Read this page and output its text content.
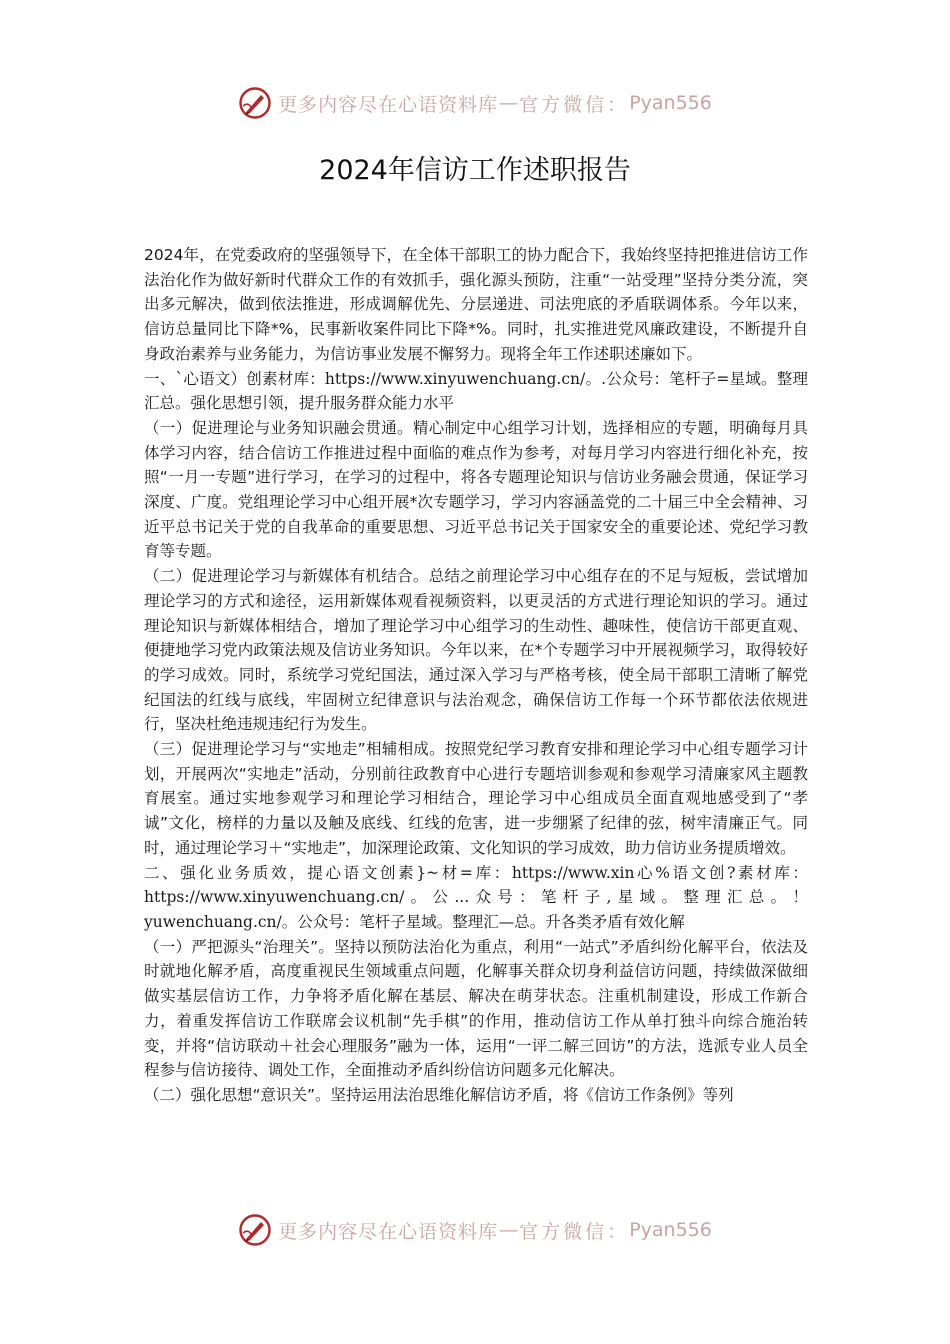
更多内容尽在心语资料库 — 官方微信： Pyan556
2024年信访工作述职报告

2024年，在党委政府的坚强领导下，在全体干部职工的协力配合下，我始终坚持把推进信访工作法治化作为做好新时代群众工作的有效抓手，强化源头预防，注重“一站受理”坚持分类分流，突出多元解决，做到依法推进，形成调解优先、分层递进、司法兜底的矛盾联调体系。今年以来，信访总量同比下降*%，民事新收案件同比下降*%。同时，扎实推进党风廉政建设，不断提升自身政治素养与业务能力，为信访事业发展不懈努力。现将全年工作述职述廉如下。

一、`心语文）创素材库：https://www.xinyuwenchuang.cn/。.公众号：笔杆子=星域。整理汇总。强化思想引领，提升服务群众能力水平

（一）促进理论与业务知识融会贯通。精心制定中心组学习计划，选择相应的专题，明确每月具体学习内容，结合信访工作推进过程中面临的难点作为参考，对每月学习内容进行细化补充，按照“一月一专题”进行学习，在学习的过程中，将各专题理论知识与信访业务融会贯通，保证学习深度、广度。党组理论学习中心组开展*次专题学习，学习内容涵盖党的二十届三中全会精神、习近平总书记关于党的自我革命的重要思想、习近平总书记关于国家安全的重要论述、党纪学习教育等专题。

（二）促进理论学习与新媒体有机结合。总结之前理论学习中心组存在的不足与短板，尝试增加理论学习的方式和途径，运用新媒体观看视频资料，以更灵活的方式进行理论知识的学习。通过理论知识与新媒体相结合，增加了理论学习中心组学习的生动性、趣味性，使信访干部更直观、便捷地学习党内政策法规及信访业务知识。今年以来，在*个专题学习中开展视频学习，取得较好的学习成效。同时，系统学习党纪国法，通过深入学习与严格考核，使全局干部职工清晰了解党纪国法的红线与底线，牢固树立纪律意识与法治观念，确保信访工作每一个环节都依法依规进行，坚决杜绝违规违纪行为发生。

（三）促进理论学习与“实地走”相辅相成。按照党纪学习教育安排和理论学习中心组专题学习计划，开展两次“实地走”活动，分别前往政教育中心进行专题培训参观和参观学习清廉家风主题教育展室。通过实地参观学习和理论学习相结合，理论学习中心组成员全面直观地感受到了“孝诚”文化，榜样的力量以及触及底线、红线的危害，进一步绷紧了纪律的弦，树牢清廉正气。同时，通过理论学习＋“实地走”，加深理论政策、文化知识的学习成效，助力信访业务提质增效。

二、强化业务质效，提心语文创素}~材=库：https://www.xin心%语文创?素材库：https://www.xinyuwenchuang.cn/。公...众号：笔杆子,星域。整理汇总。！yuwenchuang.cn/。公众号：笔杆子星域。整理汇—总。升各类矛盾有效化解

（一）严把源头“治理关”。坚持以预防法治化为重点，利用“一站式”矛盾纠纷化解平台，依法及时就地化解矛盾，高度重视民生领域重点问题，化解事关群众切身利益信访问题，持续做深做细做实基层信访工作，力争将矛盾化解在基层、解决在萌芽状态。注重机制建设，形成工作新合力，着重发挥信访工作联席会议机制“先手棋”的作用，推动信访工作从单打独斗向综合施治转变，并将“信访联动＋社会心理服务”融为一体，运用“一评二解三回访”的方法，选派专业人员全程参与信访接待、调处工作，全面推动矛盾纠纷信访问题多元化解决。

（二）强化思想“意识关”。坚持运用法治思维化解信访矛盾，将《信访工作条例》等列

更多内容尽在心语资料库 — 官方微信： Pyan556
